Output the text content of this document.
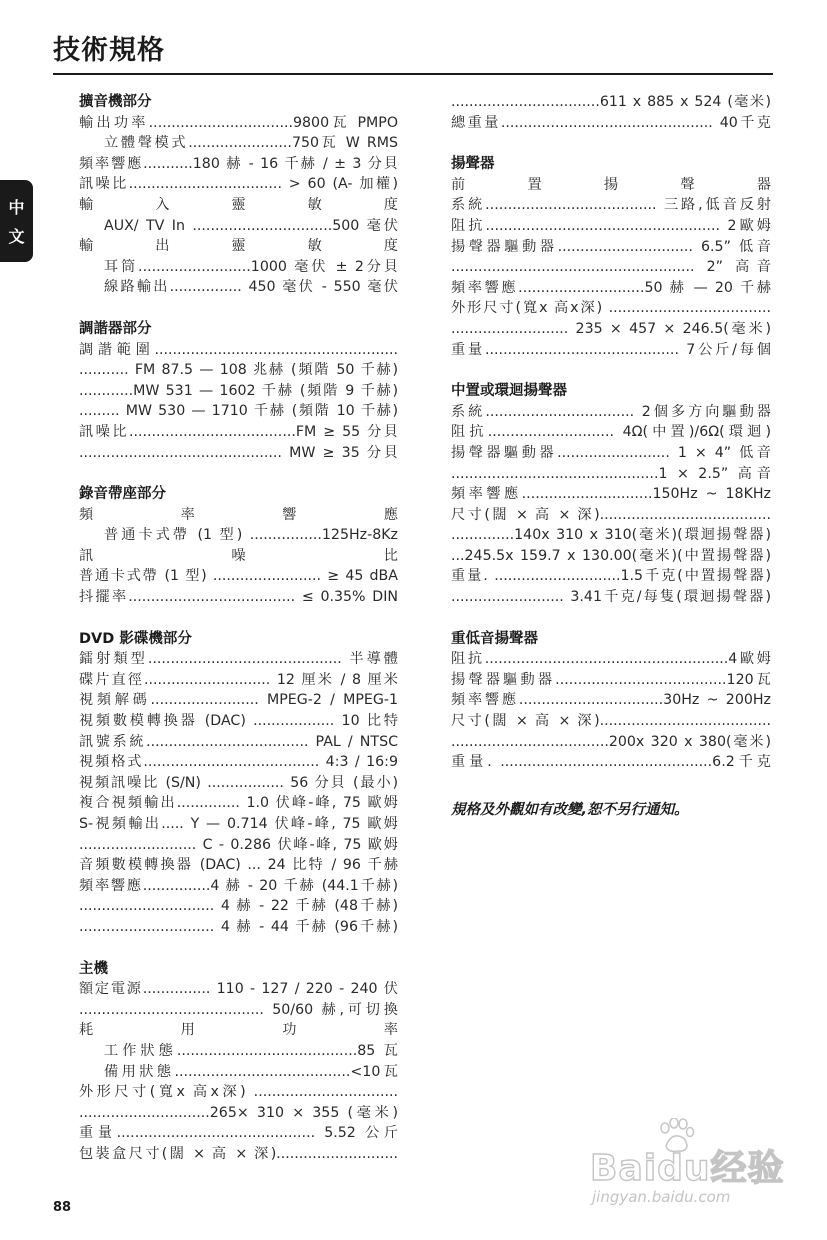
技術規格
中
文
擴音機部分
輸出功率................................9800瓦 PMPO
立體聲模式.......................750瓦 W RMS
頻率響應...........180 赫 - 16 千赫 / ± 3 分貝
訊噪比.................................. > 60 (A- 加權)
輸入靈敏度
AUX/ TV In ...............................500 毫伏
輸出靈敏度
耳筒.........................1000 毫伏 ± 2分貝
線路輸出................ 450 毫伏 - 550 毫伏
調諧器部分
調諧範圍......................................................
........... FM 87.5 — 108 兆赫 (頻階 50 千赫)
............MW 531 — 1602 千赫 (頻階 9 千赫)
......... MW 530 — 1710 千赫 (頻階 10 千赫)
訊噪比.....................................FM ≥ 55 分貝
............................................. MW ≥ 35 分貝
錄音帶座部分
頻率響應
普通卡式帶 (1 型) ................125Hz-8Kz
訊噪比
普通卡式帶 (1 型) ........................ ≥ 45 dBA
抖擺率..................................... ≤ 0.35% DIN
DVD 影碟機部分
鐳射類型........................................... 半導體
碟片直徑............................ 12 厘米 / 8 厘米
視頻解碼........................ MPEG-2 / MPEG-1
視頻數模轉換器 (DAC) .................. 10 比特
訊號系統.................................... PAL / NTSC
視頻格式....................................... 4:3 / 16:9
視頻訊噪比 (S/N) ................. 56 分貝 (最小)
複合視頻輸出.............. 1.0 伏峰-峰, 75 歐姆
S-視頻輸出..... Y — 0.714 伏峰-峰, 75 歐姆
.......................... C - 0.286 伏峰-峰, 75 歐姆
音頻數模轉換器 (DAC) ... 24 比特 / 96 千赫
頻率響應...............4 赫 - 20 千赫 (44.1千赫)
.............................. 4 赫 - 22 千赫 (48千赫)
.............................. 4 赫 - 44 千赫 (96千赫)
主機
額定電源............... 110 - 127 / 220 - 240 伏
......................................... 50/60 赫,可切換
耗用功率
工作狀態........................................85 瓦
備用狀態.......................................<10瓦
外形尺寸(寬x 高x深) ................................
.............................265× 310 × 355 (毫米)
重量............................................ 5.52 公斤
包裝盒尺寸(闊 × 高 × 深)...........................
.................................611 x 885 x 524 (毫米)
總重量............................................... 40千克
揚聲器
前置揚聲器
系統...................................... 三路,低音反射
阻抗.................................................... 2歐姆
揚聲器驅動器.............................. 6.5” 低音
...................................................... 2” 高音
頻率響應............................50 赫 — 20 千赫
外形尺寸(寬x 高x深) ....................................
.......................... 235 × 457 × 246.5(毫米)
重量........................................... 7公斤/每個
中置或環迴揚聲器
系統................................. 2個多方向驅動器
阻抗............................ 4Ω(中置)/6Ω(環迴)
揚聲器驅動器......................... 1 × 4” 低音
..............................................1 × 2.5” 高音
頻率響應.............................150Hz ~ 18KHz
尺寸(闊 × 高 × 深)......................................
..............140x 310 x 310(毫米)(環迴揚聲器)
...245.5x 159.7 x 130.00(毫米)(中置揚聲器)
重量. ............................1.5千克(中置揚聲器)
......................... 3.41千克/每隻(環迴揚聲器)
重低音揚聲器
阻抗......................................................4歐姆
揚聲器驅動器......................................120瓦
頻率響應................................30Hz ~ 200Hz
尺寸(闊 × 高 × 深)......................................
...................................200x 320 x 380(毫米)
重量. ...............................................6.2千克
規格及外觀如有改變,恕不另行通知。
88
Baidu经验
jingyan.baidu.com
